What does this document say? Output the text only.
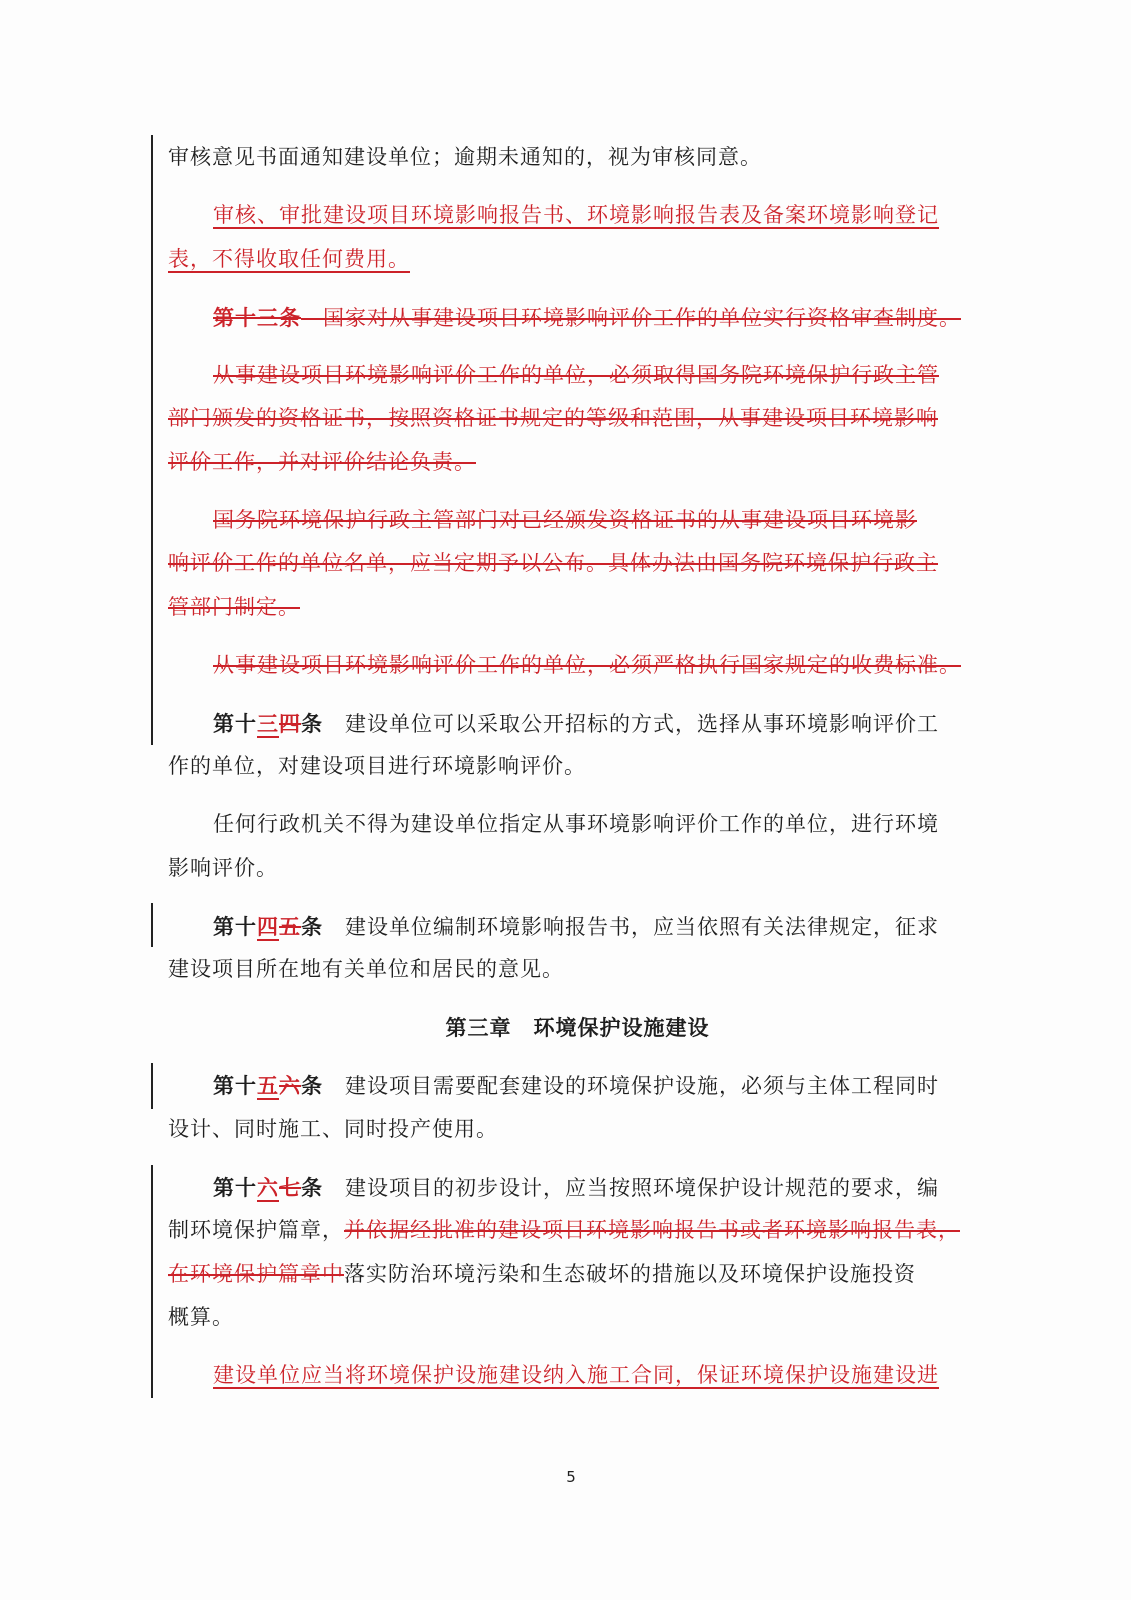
审核意见书面通知建设单位；逾期未通知的，视为审核同意。
审核、审批建设项目环境影响报告书、环境影响报告表及备案环境影响登记
表，不得收取任何费用。
第十三条　国家对从事建设项目环境影响评价工作的单位实行资格审查制度。
从事建设项目环境影响评价工作的单位，必须取得国务院环境保护行政主管
部门颁发的资格证书，按照资格证书规定的等级和范围，从事建设项目环境影响
评价工作，并对评价结论负责。
国务院环境保护行政主管部门对已经颁发资格证书的从事建设项目环境影
响评价工作的单位名单，应当定期予以公布。具体办法由国务院环境保护行政主
管部门制定。
从事建设项目环境影响评价工作的单位，必须严格执行国家规定的收费标准。
第十三四条　建设单位可以采取公开招标的方式，选择从事环境影响评价工
作的单位，对建设项目进行环境影响评价。
任何行政机关不得为建设单位指定从事环境影响评价工作的单位，进行环境
影响评价。
第十四五条　建设单位编制环境影响报告书，应当依照有关法律规定，征求
建设项目所在地有关单位和居民的意见。
第三章　环境保护设施建设
第十五六条　建设项目需要配套建设的环境保护设施，必须与主体工程同时
设计、同时施工、同时投产使用。
第十六七条　建设项目的初步设计，应当按照环境保护设计规范的要求，编
制环境保护篇章，并依据经批准的建设项目环境影响报告书或者环境影响报告表，
在环境保护篇章中落实防治环境污染和生态破坏的措施以及环境保护设施投资
概算。
建设单位应当将环境保护设施建设纳入施工合同，保证环境保护设施建设进
5
